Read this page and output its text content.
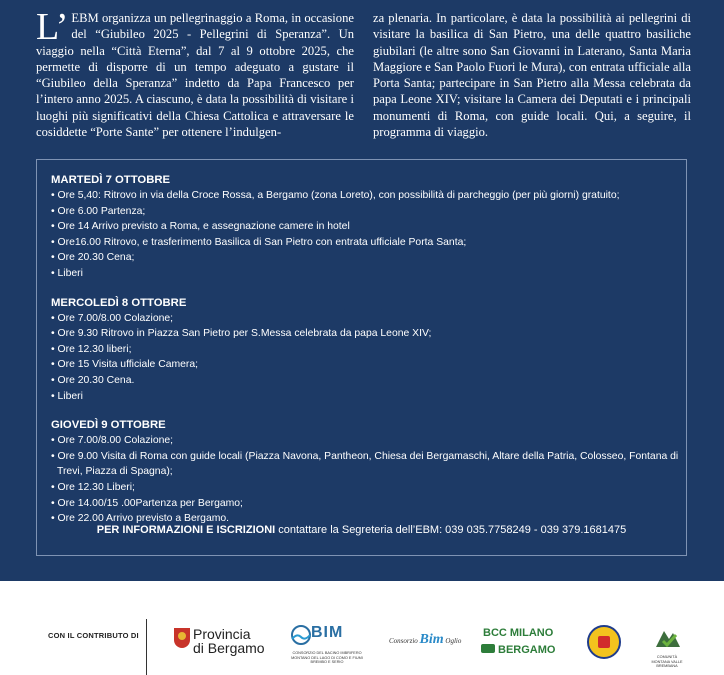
L’ EBM organizza un pellegrinaggio a Roma, in occasione del “Giubileo 2025 - Pellegrini di Speranza”. Un viaggio nella “Città Eterna”, dal 7 al 9 ottobre 2025, che permette di disporre di un tempo adeguato a gustare il “Giubileo della Speranza” indetto da Papa Francesco per l’intero anno 2025. A ciascuno, è data la possibilità di visitare i luoghi più significativi della Chiesa Cattolica e attraversare le cosiddette “Porte Sante” per ottenere l’indulgen-
za plenaria. In particolare, è data la possibilità ai pellegrini di visitare la basilica di San Pietro, una delle quattro basiliche giubilari (le altre sono San Giovanni in Laterano, Santa Maria Maggiore e San Paolo Fuori le Mura), con entrata ufficiale alla Porta Santa; partecipare in San Pietro alla Messa celebrata da papa Leone XIV; visitare la Camera dei Deputati e i principali monumenti di Roma, con guide locali. Qui, a seguire, il programma di viaggio.
MARTEDÌ 7 OTTOBRE
• Ore 5,40: Ritrovo in via della Croce Rossa, a Bergamo (zona Loreto), con possibilità di parcheggio (per più giorni) gratuito;
• Ore 6.00 Partenza;
• Ore 14 Arrivo previsto a Roma, e assegnazione camere in hotel
• Ore16.00 Ritrovo, e trasferimento Basilica di San Pietro con entrata ufficiale Porta Santa;
• Ore 20.30 Cena;
• Liberi
MERCOLEDÌ 8 OTTOBRE
• Ore 7.00/8.00 Colazione;
• Ore 9.30 Ritrovo in Piazza San Pietro per S.Messa celebrata da papa Leone XIV;
• Ore 12.30 liberi;
• Ore 15 Visita ufficiale Camera;
• Ore 20.30 Cena.
• Liberi
GIOVEDÌ 9 OTTOBRE
• Ore 7.00/8.00 Colazione;
• Ore 9.00 Visita di Roma con guide locali (Piazza Navona, Pantheon, Chiesa dei Bergamaschi, Altare della Patria, Colosseo, Fontana di Trevi, Piazza di Spagna);
• Ore 12.30 Liberi;
• Ore 14.00/15 .00Partenza per Bergamo;
• Ore 22.00 Arrivo previsto a Bergamo.
PER INFORMAZIONI E ISCRIZIONI contattare la Segreteria dell’EBM: 039 035.7758249 - 039 379.1681475
CON IL CONTRIBUTO DI	Provincia
di Bergamo
BIM
CONSORZIO DEL BACINO IMBRIFERO MONTANO DEL LAGO DI COMO E FIUMI BREMBO E SERIO
Consorzio Bim Oglio
BCC MILANO
BERGAMO
COMUNITÀ MONTANA VALLE BREMBANA
